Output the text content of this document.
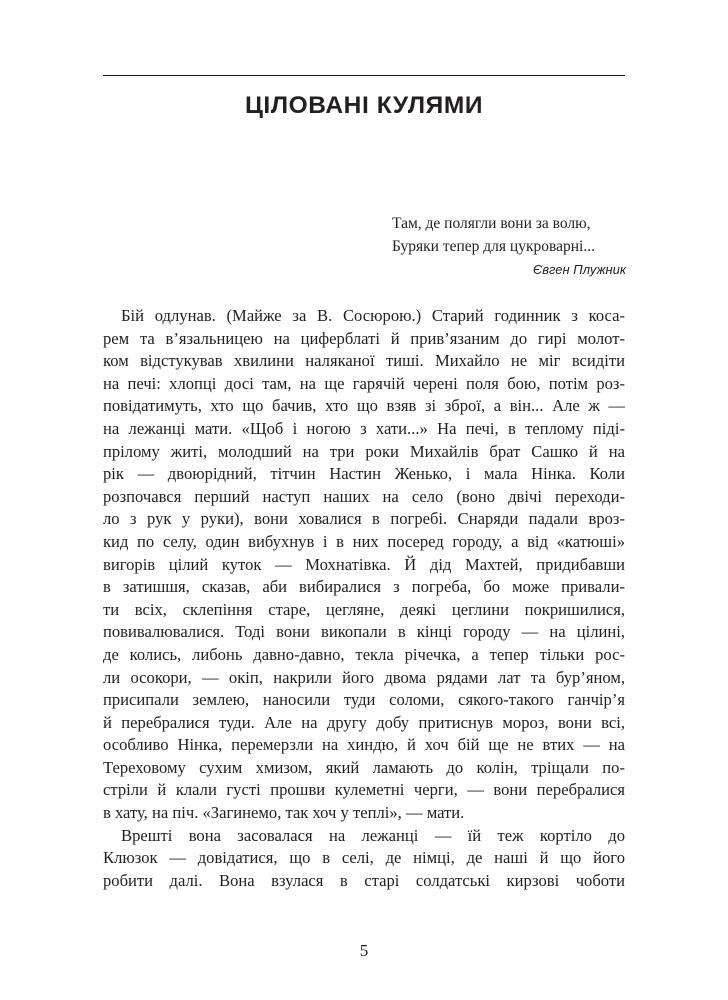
ЦІЛОВАНІ КУЛЯМИ
Там, де полягли вони за волю,
Буряки тепер для цукроварні...
Євген Плужник
Бій одлунав. (Майже за В. Сосюрою.) Старий годинник з коса-
рем та в’язальницею на циферблаті й прив’язаним до гирі молот-
ком відстукував хвилини наляканої тиші. Михайло не міг всидіти
на печі: хлопці досі там, на ще гарячій черені поля бою, потім роз-
повідатимуть, хто що бачив, хто що взяв зі зброї, а він... Але ж —
на лежанці мати. «Щоб і ногою з хати...» На печі, в теплому піді-
прілому житі, молодший на три роки Михайлів брат Сашко й на
рік — двоюрідний, тітчин Настин Женько, і мала Нінка. Коли
розпочався перший наступ наших на село (воно двічі переходи-
ло з рук у руки), вони ховалися в погребі. Снаряди падали вроз-
кид по селу, один вибухнув і в них посеред городу, а від «катюші»
вигорів цілий куток — Мохнатівка. Й дід Махтей, придибавши
в затишшя, сказав, аби вибиралися з погреба, бо може привали-
ти всіх, склепіння старе, цегляне, деякі цеглини покришилися,
повивалювалися. Тоді вони викопали в кінці городу — на цілині,
де колись, либонь давно-давно, текла річечка, а тепер тільки рос-
ли осокори, — окіп, накрили його двома рядами лат та бур’яном,
присипали землею, наносили туди соломи, сякого-такого ганчір’я
й перебралися туди. Але на другу добу притиснув мороз, вони всі,
особливо Нінка, перемерзли на хиндю, й хоч бій ще не втих — на
Тереховому сухим хмизом, який ламають до колін, тріщали по-
стріли й клали густі прошви кулеметні черги, — вони перебралися
в хату, на піч. «Загинемо, так хоч у теплі», — мати.
Врешті вона засовалася на лежанці — їй теж кортіло до
Клюзок — довідатися, що в селі, де німці, де наші й що його
робити далі. Вона взулася в старі солдатські кирзові чоботи
5
